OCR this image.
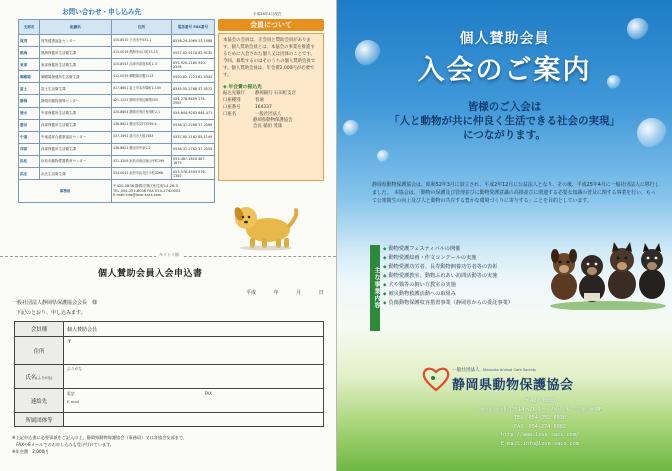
お問い合わせ・申し込み先	平成28年4月現在
支部名	組織名	住所	電話番号 FAX番号
賀茂	賀茂健康福祉センター	415-8510 下田市中531-1	0558-24-2069 23-1088
熱海	熱海保健所生活衛生課	413-0016 熱海市水口町13-15	0557-82-9116 82-9130
東部	東部保健所生活衛生課	410-8543 沼津市高島本町1-3	055-920-2160 920-2194
御殿場	御殿場保健所生活衛生課	412-0039 御殿場市竈1113	0550-82-1223 82-4345
富士	富士生活衛生課	417-8601 富士市本市場町1-100	0545-55-2768 57-0522
静岡	静岡市動物指導センター	421-1222 静岡市葵区飯間353	054-278-6409 278-2987
清水	中部保健所生活衛生課	420-8604 静岡市葵区有明町2-1	054-644-9283 644-471
磐田	西部保健所生活衛生課	438-8622 磐田市見付3599-4	0538-37-2268 37-2589
中遠	中東遠総合健康福祉センター	437-1692 掛川市大坂1583	0537-85-1162 85-1149
西部	西部保健所生活衛生課	438-8622 磐田市中泉1-2	0538-37-2762 37-2555
浜松	浜松市動物愛護教育センター	431-1209 浜松市西区舘山寺町199	053-487-1616 487-1675
浜北	浜北生活衛生課	434-0042 浜松市浜北区小松3266	053-576-4593 576-1367
事務局		〒420-0838 静岡市葵区相生町14-26-3
TEL 054-251-6036 FAX 054-274-0002
E-mail:info@love-sacs.com	
会員について

本協会の会員は、正会員と賛助会員があります。個人賛助会員とは、本協会の事業を推進するために入会された個人又は団体のことです。今回、募集するのはそのうちの個人賛助会員です。個人賛助会員は、年会費2,000円が必要です。

◆ 年会費の振込先
振込先銀行 静岡銀行 石田町支店
口座種別	普通
口座番号	164337
口座名	一般社団法人
静岡県動物保護協会
会長 稲垣 茂康
キリトリ線
個人賛助会員入会申込書
平成 年 月 日
一般社団法人静岡県保護協会会長　様
下記のとおり、申し込みます。
会員種	個人賛助会員
住所	〒
氏名(ふりがな)	ふりがな

連絡先	電話 FAX
E-mail

所属団体等	
※上記申込書に必要事項をご記入の上、静岡県動物保護協会（事務局）又は各協会友部まで、
　FAXやEメールでのお申し込みも受け付けています。
※年会費　2,000円
個人賛助会員
入会のご案内
皆様のご入会は
「人と動物が共に仲良く生活できる社会の実現」
につながります。

静岡県動物保護協会は、昭和52年3月に設立され、平成2年12月に公益法人となり、その後、平成25年4月に一般社団法人に移行しました。　本協会は、「動物の保護及び管理並びに動物愛護意識の高揚並びに関連する必要な知識の普及に関する事業を行い、もって公衆衛生の向上及び人と動物の共存する豊かな環境づくりに寄与する」ことを目的としています。

主な事業内容
◆ 動物愛護フェスティバルの開催
◆ 動物愛護絵画・作文コンクールの実施
◆ 動物愛護功労者、長寿動物飼養功労者等の表彰
◆ 動物愛護教室、動物ふれあい訪問活動等の実施
◆ 犬や猫等の飼い方教室の実施
◆ 被災動物救護活動への取組み
◆ 負傷動物保護収容措置事業（静岡県からの委託事業）
一般社団法人 Shizuoka Animal Care Society
静岡県動物保護協会
〒420-0838
静岡市葵区相生町14番26-3号　静岡県私立芸楽会館4F
TEL　054-251-6036
FAX　054-274-0002
http://www.love-sacs.com/
E-mail:info@love-sacs.com
